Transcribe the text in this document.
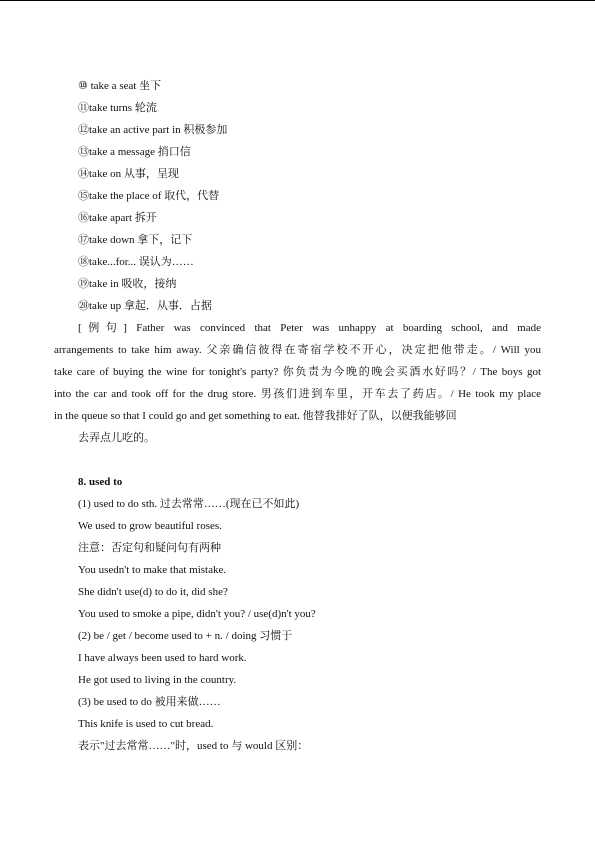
⑩ take a seat 坐下
⑪take turns 轮流
⑫take an active part in 积极参加
⑬take a message 捎口信
⑭take on 从事，呈现
⑮take the place of 取代，代替
⑯take apart 拆开
⑰take down 拿下，记下
⑱take...for... 误认为……
⑲take in 吸收，接纳
⑳take up 拿起．从事．占据
[例句] Father was convinced that Peter was unhappy at boarding school, and made
arrangements to take him away. 父亲确信彼得在寄宿学校不开心，决定把他带走。/ Will you
take care of buying the wine for tonight's party? 你负责为今晚的晚会买酒水好吗？/ The boys got
into the car and took off for the drug store. 男孩们进到车里，开车去了药店。/ He took my place
in the queue so that I could go and get something to eat. 他替我排好了队，以便我能够回
去弄点儿吃的。
8. used to
(1) used to do sth. 过去常常……(现在已不如此)
We used to grow beautiful roses.
注意：否定句和疑问句有两种
You usedn't to make that mistake.
She didn't use(d) to do it, did she?
You used to smoke a pipe, didn't you? / use(d)n't you?
(2) be / get / become used to + n. / doing 习惯于
I have always been used to hard work.
He got used to living in the country.
(3) be used to do 被用来做……
This knife is used to cut bread.
表示"过去常常……"时，used to 与 would 区别：
